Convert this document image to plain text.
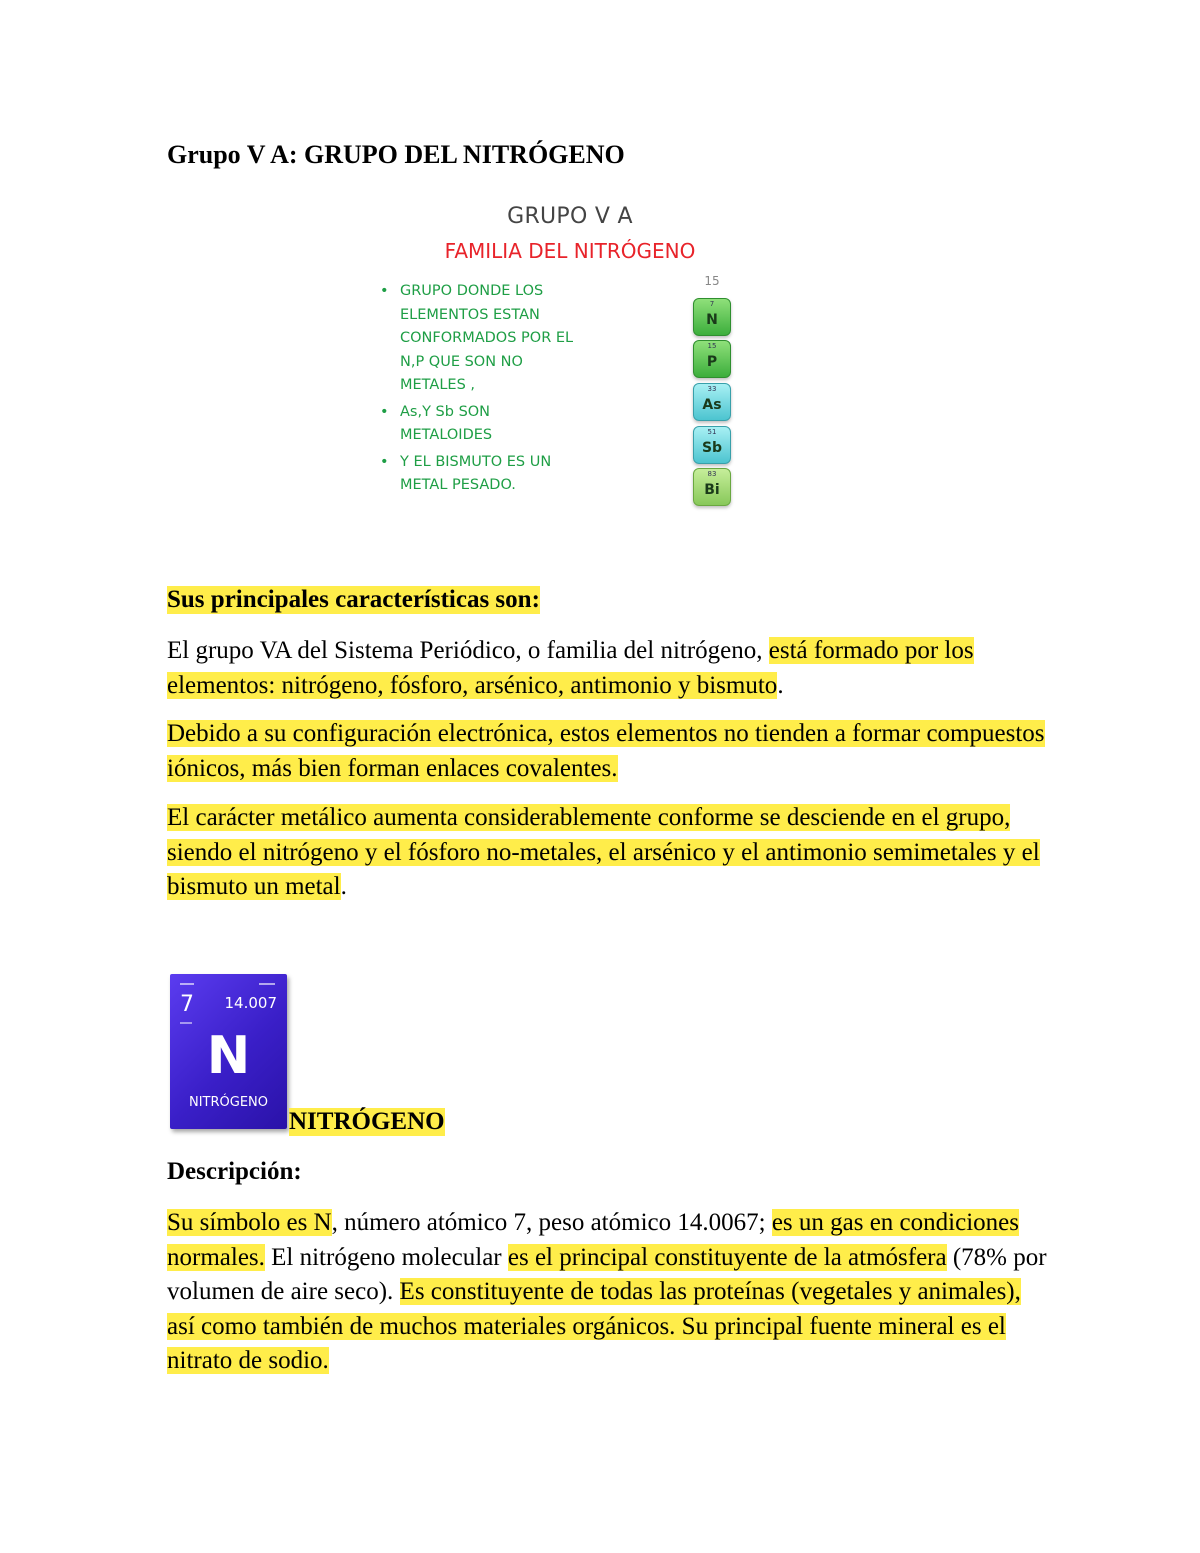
Grupo V A: GRUPO DEL NITRÓGENO
GRUPO V A
FAMILIA DEL NITRÓGENO
• GRUPO DONDE LOS
ELEMENTOS ESTAN
CONFORMADOS POR EL
N,P QUE SON NO
METALES ,
• As,Y Sb SON
METALOIDES
• Y EL BISMUTO ES UN
METAL PESADO.
15
7
N
15
P
33
As
51
Sb
83
Bi
Sus principales características son:

El grupo VA del Sistema Periódico, o familia del nitrógeno, está formado por los elementos: nitrógeno, fósforo, arsénico, antimonio y bismuto.

Debido a su configuración electrónica, estos elementos no tienden a formar compuestos iónicos, más bien forman enlaces covalentes.

El carácter metálico aumenta considerablemente conforme se desciende en el grupo, siendo el nitrógeno y el fósforo no-metales, el arsénico y el antimonio semimetales y el bismuto un metal.

7 14.007
N
NITRÓGENO
NITRÓGENO
Descripción:

Su símbolo es N, número atómico 7, peso atómico 14.0067; es un gas en condiciones normales. El nitrógeno molecular es el principal constituyente de la atmósfera (78% por volumen de aire seco). Es constituyente de todas las proteínas (vegetales y animales), así como también de muchos materiales orgánicos. Su principal fuente mineral es el nitrato de sodio.
